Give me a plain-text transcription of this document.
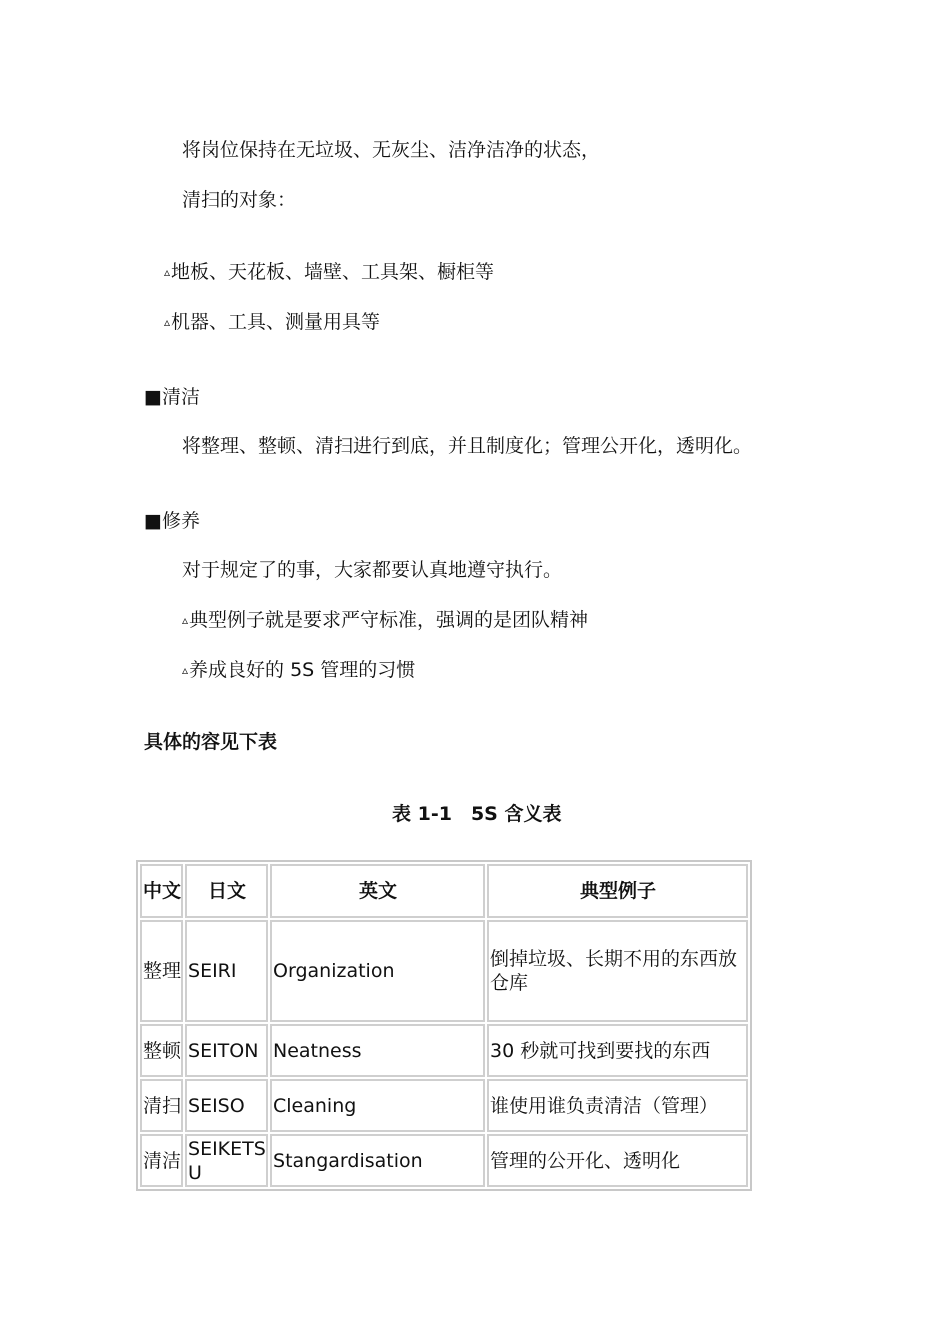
将岗位保持在无垃圾、无灰尘、洁净洁净的状态，
清扫的对象：
▵地板、天花板、墙壁、工具架、橱柜等
▵机器、工具、测量用具等
■清洁
将整理、整顿、清扫进行到底，并且制度化；管理公开化，透明化。
■修养
对于规定了的事，大家都要认真地遵守执行。
▵典型例子就是要求严守标准，强调的是团队精神
▵养成良好的 5S 管理的习惯
具体的容见下表
表 1-1　5S 含义表
中文	日文	英文	典型例子
整理	SEIRI	Organization	倒掉垃圾、长期不用的东西放仓库
整顿	SEITON	Neatness	30 秒就可找到要找的东西
清扫	SEISO	Cleaning	谁使用谁负责清洁（管理）
清洁	SEIKETSU	Stangardisation	管理的公开化、透明化
